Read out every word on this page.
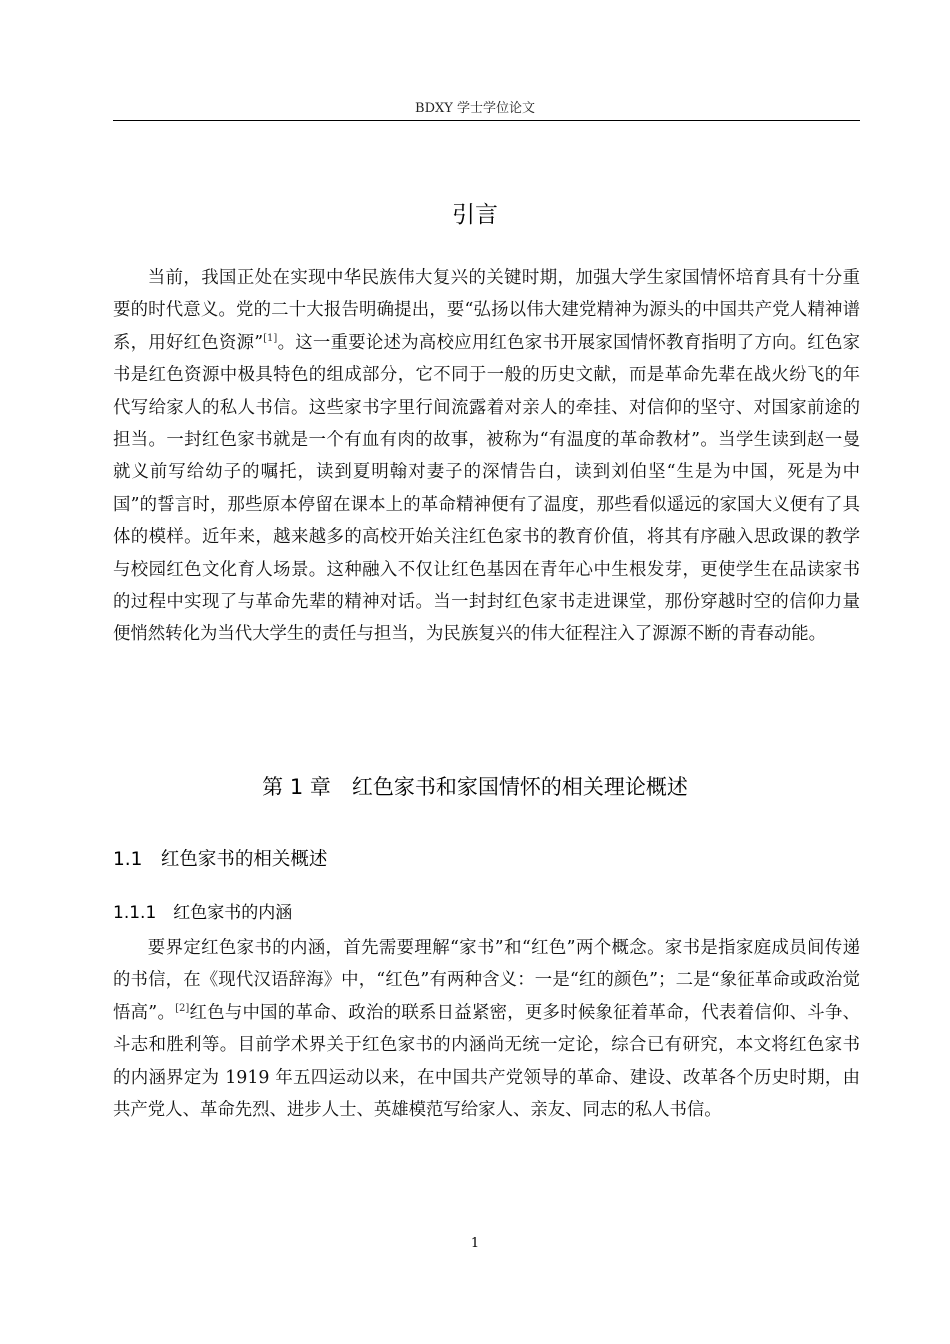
BDXY 学士学位论文
引言

当前，我国正处在实现中华民族伟大复兴的关键时期，加强大学生家国情怀培育具有十分重要的时代意义。党的二十大报告明确提出，要“弘扬以伟大建党精神为源头的中国共产党人精神谱系，用好红色资源”[1]。这一重要论述为高校应用红色家书开展家国情怀教育指明了方向。红色家书是红色资源中极具特色的组成部分，它不同于一般的历史文献，而是革命先辈在战火纷飞的年代写给家人的私人书信。这些家书字里行间流露着对亲人的牵挂、对信仰的坚守、对国家前途的担当。一封红色家书就是一个有血有肉的故事，被称为“有温度的革命教材”。当学生读到赵一曼就义前写给幼子的嘱托，读到夏明翰对妻子的深情告白，读到刘伯坚“生是为中国，死是为中国”的誓言时，那些原本停留在课本上的革命精神便有了温度，那些看似遥远的家国大义便有了具体的模样。近年来，越来越多的高校开始关注红色家书的教育价值，将其有序融入思政课的教学与校园红色文化育人场景。这种融入不仅让红色基因在青年心中生根发芽，更使学生在品读家书的过程中实现了与革命先辈的精神对话。当一封封红色家书走进课堂，那份穿越时空的信仰力量便悄然转化为当代大学生的责任与担当，为民族复兴的伟大征程注入了源源不断的青春动能。

第 1 章　红色家书和家国情怀的相关理论概述
1.1　红色家书的相关概述
1.1.1　红色家书的内涵

要界定红色家书的内涵，首先需要理解“家书”和“红色”两个概念。家书是指家庭成员间传递的书信，在《现代汉语辞海》中，“红色”有两种含义：一是“红的颜色”；二是“象征革命或政治觉悟高”。[2]红色与中国的革命、政治的联系日益紧密，更多时候象征着革命，代表着信仰、斗争、斗志和胜利等。目前学术界关于红色家书的内涵尚无统一定论，综合已有研究，本文将红色家书的内涵界定为 1919 年五四运动以来，在中国共产党领导的革命、建设、改革各个历史时期，由共产党人、革命先烈、进步人士、英雄模范写给家人、亲友、同志的私人书信。

1
